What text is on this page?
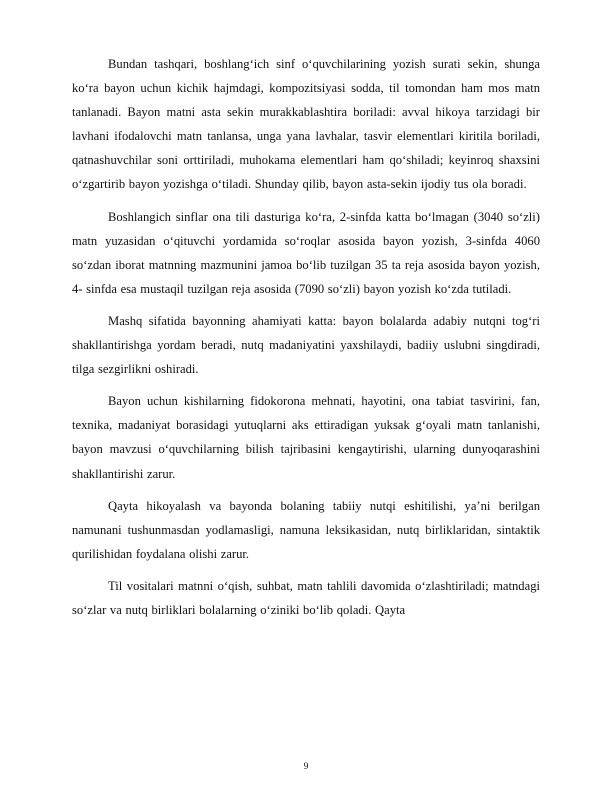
Bundan tashqari, boshlang‘ich sinf o‘quvchilarining yozish surati sekin, shunga ko‘ra bayon uchun kichik hajmdagi, kompozitsiyasi sodda, til tomondan ham mos matn tanlanadi. Bayon matni asta sekin murakkablashtira boriladi: avval hikoya tarzidagi bir lavhani ifodalovchi matn tanlansa, unga yana lavhalar, tasvir elementlari kiritila boriladi, qatnashuvchilar soni orttiriladi, muhokama elementlari ham qo‘shiladi; keyinroq shaxsini o‘zgartirib bayon yozishga o‘tiladi. Shunday qilib, bayon asta-sekin ijodiy tus ola boradi.

Boshlangich sinflar ona tili dasturiga ko‘ra, 2-sinfda katta bo‘lmagan (3040 so‘zli) matn yuzasidan o‘qituvchi yordamida so‘roqlar asosida bayon yozish, 3-sinfda 4060 so‘zdan iborat matnning mazmunini jamoa bo‘lib tuzilgan 35 ta reja asosida bayon yozish, 4- sinfda esa mustaqil tuzilgan reja asosida (7090 so‘zli) bayon yozish ko‘zda tutiladi.

Mashq sifatida bayonning ahamiyati katta: bayon bolalarda adabiy nutqni tog‘ri shakllantirishga yordam beradi, nutq madaniyatini yaxshilaydi, badiiy uslubni singdiradi, tilga sezgirlikni oshiradi.

Bayon uchun kishilarning fidokorona mehnati, hayotini, ona tabiat tasvirini, fan, texnika, madaniyat borasidagi yutuqlarni aks ettiradigan yuksak g‘oyali matn tanlanishi, bayon mavzusi o‘quvchilarning bilish tajribasini kengaytirishi, ularning dunyoqarashini shakllantirishi zarur.

Qayta hikoyalash va bayonda bolaning tabiiy nutqi eshitilishi, ya’ni berilgan namunani tushunmasdan yodlamasligi, namuna leksikasidan, nutq birliklaridan, sintaktik qurilishidan foydalana olishi zarur.

Til vositalari matnni o‘qish, suhbat, matn tahlili davomida o‘zlashtiriladi; matndagi so‘zlar va nutq birliklari bolalarning o‘ziniki bo‘lib qoladi. Qayta

9
